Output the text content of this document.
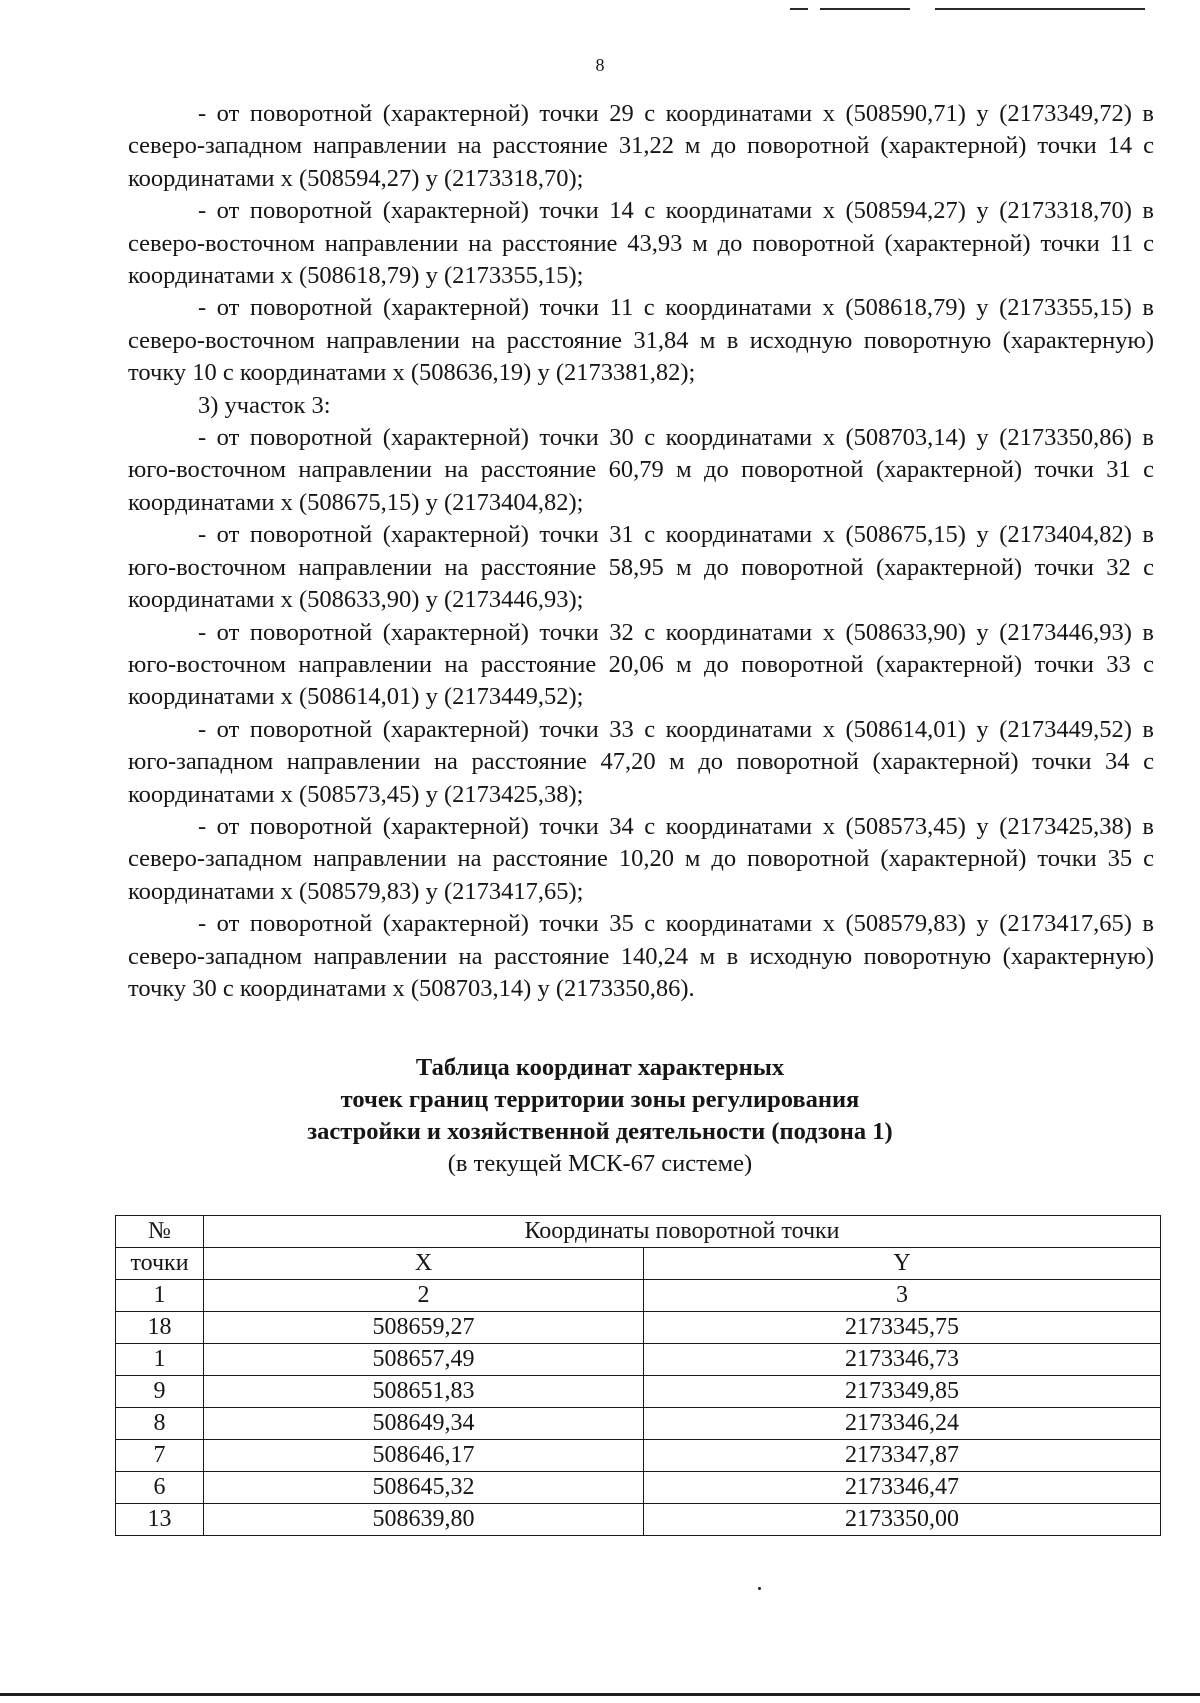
8

- от поворотной (характерной) точки 29 с координатами х (508590,71) у (2173349,72) в северо-западном направлении на расстояние 31,22 м до поворотной (характерной) точки 14 с координатами х (508594,27) у (2173318,70);

- от поворотной (характерной) точки 14 с координатами х (508594,27) у (2173318,70) в северо-восточном направлении на расстояние 43,93 м до поворотной (характерной) точки 11 с координатами х (508618,79) у (2173355,15);

- от поворотной (характерной) точки 11 с координатами х (508618,79) у (2173355,15) в северо-восточном направлении на расстояние 31,84 м в исходную поворотную (характерную) точку 10 с координатами х (508636,19) у (2173381,82);

3) участок 3:

- от поворотной (характерной) точки 30 с координатами х (508703,14) у (2173350,86) в юго-восточном направлении на расстояние 60,79 м до поворотной (характерной) точки 31 с координатами х (508675,15) у (2173404,82);

- от поворотной (характерной) точки 31 с координатами х (508675,15) у (2173404,82) в юго-восточном направлении на расстояние 58,95 м до поворотной (характерной) точки 32 с координатами х (508633,90) у (2173446,93);

- от поворотной (характерной) точки 32 с координатами х (508633,90) у (2173446,93) в юго-восточном направлении на расстояние 20,06 м до поворотной (характерной) точки 33 с координатами х (508614,01) у (2173449,52);

- от поворотной (характерной) точки 33 с координатами х (508614,01) у (2173449,52) в юго-западном направлении на расстояние 47,20 м до поворотной (характерной) точки 34 с координатами х (508573,45) у (2173425,38);

- от поворотной (характерной) точки 34 с координатами х (508573,45) у (2173425,38) в северо-западном направлении на расстояние 10,20 м до поворотной (характерной) точки 35 с координатами х (508579,83) у (2173417,65);

- от поворотной (характерной) точки 35 с координатами х (508579,83) у (2173417,65) в северо-западном направлении на расстояние 140,24 м в исходную поворотную (характерную) точку 30 с координатами х (508703,14) у (2173350,86).

Таблица координат характерных
точек границ территории зоны регулирования
застройки и хозяйственной деятельности (подзона 1)
(в текущей МСК-67 системе)
№	Координаты поворотной точки	
точки	X	Y
1	2	3
18	508659,27	2173345,75
1	508657,49	2173346,73
9	508651,83	2173349,85
8	508649,34	2173346,24
7	508646,17	2173347,87
6	508645,32	2173346,47
13	508639,80	2173350,00
